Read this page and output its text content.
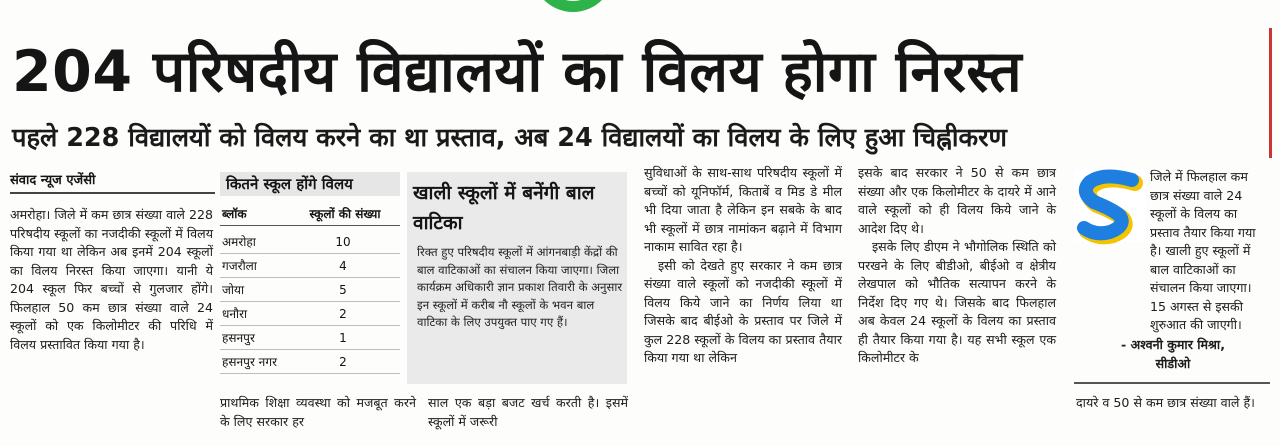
204 परिषदीय विद्यालयों का विलय होगा निरस्त
पहले 228 विद्यालयों को विलय करने का था प्रस्ताव, अब 24 विद्यालयों का विलय के लिए हुआ चिह्नीकरण
संवाद न्यूज एजेंसी

अमरोहा। जिले में कम छात्र संख्या वाले 228 परिषदीय स्कूलों का नजदीकी स्कूलों में विलय किया गया था लेकिन अब इनमें 204 स्कूलों का विलय निरस्त किया जाएगा। यानी ये 204 स्कूल फिर बच्चों से गुलजार होंगे। फिलहाल 50 कम छात्र संख्या वाले 24 स्कूलों को एक किलोमीटर की परिधि में विलय प्रस्तावित किया गया है।

कितने स्कूल होंगे विलय
ब्लॉक	स्कूलों की संख्या
अमरोहा	10
गजरौला	4
जोया	5
धनौरा	2
हसनपुर	1
हसनपुर नगर	2
खाली स्कूलों में बनेंगी बाल वाटिका
रिक्त हुए परिषदीय स्कूलों में आंगनबाड़ी केंद्रों की बाल वाटिकाओं का संचालन किया जाएगा। जिला कार्यक्रम अधिकारी ज्ञान प्रकाश तिवारी के अनुसार इन स्कूलों में करीब नौ स्कूलों के भवन बाल वाटिका के लिए उपयुक्त पाए गए हैं।

प्राथमिक शिक्षा व्यवस्था को मजबूत करने के लिए सरकार हर

साल एक बड़ा बजट खर्च करती है। इसमें स्कूलों में जरूरी

सुविधाओं के साथ-साथ परिषदीय स्कूलों में बच्चों को यूनिफॉर्म, किताबें व मिड डे मील भी दिया जाता है लेकिन इन सबके के बाद भी स्कूलों में छात्र नामांकन बढ़ाने में विभाग नाकाम सावित रहा है।

इसी को देखते हुए सरकार ने कम छात्र संख्या वाले स्कूलों को नजदीकी स्कूलों में विलय किये जाने का निर्णय लिया था जिसके बाद बीईओ के प्रस्ताव पर जिले में कुल 228 स्कूलों के विलय का प्रस्ताव तैयार किया गया था लेकिन

इसके बाद सरकार ने 50 से कम छात्र संख्या और एक किलोमीटर के दायरे में आने वाले स्कूलों को ही विलय किये जाने के आदेश दिए थे।

इसके लिए डीएम ने भौगोलिक स्थिति को परखने के लिए बीडीओ, बीईओ व क्षेत्रीय लेखपाल को भौतिक सत्यापन करने के निर्देश दिए गए थे। जिसके बाद फिलहाल अब केवल 24 स्कूलों के विलय का प्रस्ताव ही तैयार किया गया है। यह सभी स्कूल एक किलोमीटर के

जिले में फिलहाल कम छात्र संख्या वाले 24 स्कूलों के विलय का प्रस्ताव तैयार किया गया है। खाली हुए स्कूलों में बाल वाटिकाओं का संचालन किया जाएगा। 15 अगस्त से इसकी शुरुआत की जाएगी।

- अश्वनी कुमार मिश्रा,

सीडीओ

दायरे व 50 से कम छात्र संख्या वाले हैं।
